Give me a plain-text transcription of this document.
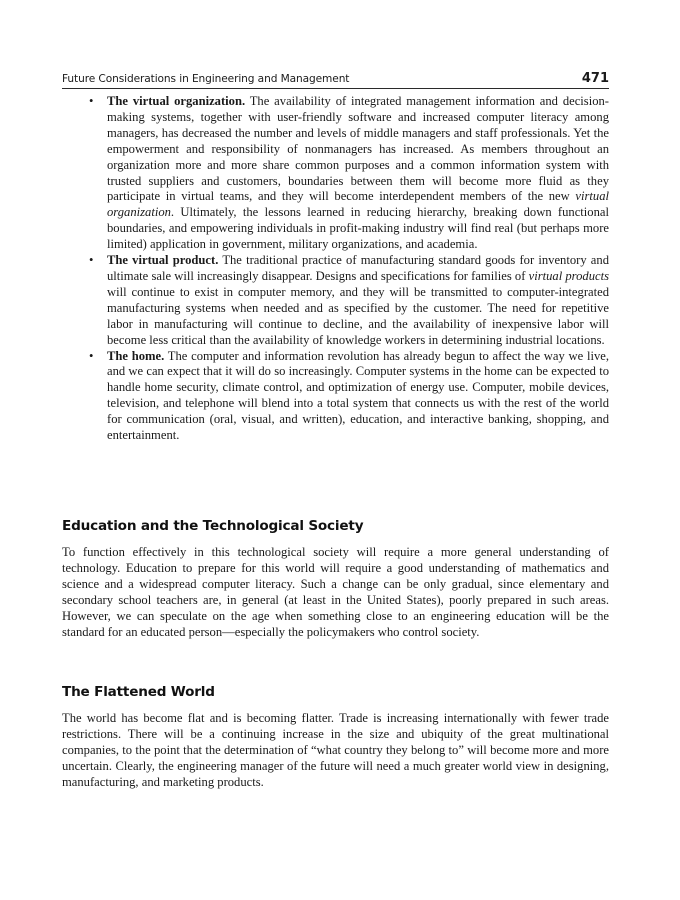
Future Considerations in Engineering and Management	471
• The virtual organization. The availability of integrated management information and decision-making systems, together with user-friendly software and increased computer literacy among managers, has decreased the number and levels of middle managers and staff professionals. Yet the empowerment and responsibility of nonmanagers has increased. As members throughout an organization more and more share common purposes and a common information system with trusted suppliers and customers, boundaries between them will become more fluid as they participate in virtual teams, and they will become interdependent members of the new virtual organization. Ultimately, the lessons learned in reducing hierarchy, breaking down functional boundaries, and empowering individuals in profit-making industry will find real (but perhaps more limited) application in government, military organizations, and academia.
• The virtual product. The traditional practice of manufacturing standard goods for inventory and ultimate sale will increasingly disappear. Designs and specifications for families of virtual products will continue to exist in computer memory, and they will be transmitted to computer-integrated manufacturing systems when needed and as specified by the customer. The need for repetitive labor in manufacturing will continue to decline, and the availability of inexpensive labor will become less critical than the availability of knowledge workers in determining industrial locations.
• The home. The computer and information revolution has already begun to affect the way we live, and we can expect that it will do so increasingly. Computer systems in the home can be expected to handle home security, climate control, and optimization of energy use. Computer, mobile devices, television, and telephone will blend into a total system that connects us with the rest of the world for communication (oral, visual, and written), education, and interactive banking, shopping, and entertainment.
Education and the Technological Society

To function effectively in this technological society will require a more general understanding of technology. Education to prepare for this world will require a good understanding of mathematics and science and a widespread computer literacy. Such a change can be only gradual, since elementary and secondary school teachers are, in general (at least in the United States), poorly prepared in such areas. However, we can speculate on the age when something close to an engineering education will be the standard for an educated person—especially the policymakers who control society.

The Flattened World

The world has become flat and is becoming flatter. Trade is increasing internationally with fewer trade restrictions. There will be a continuing increase in the size and ubiquity of the great multinational companies, to the point that the determination of “what country they belong to” will become more and more uncertain. Clearly, the engineering manager of the future will need a much greater world view in designing, manufacturing, and marketing products.
